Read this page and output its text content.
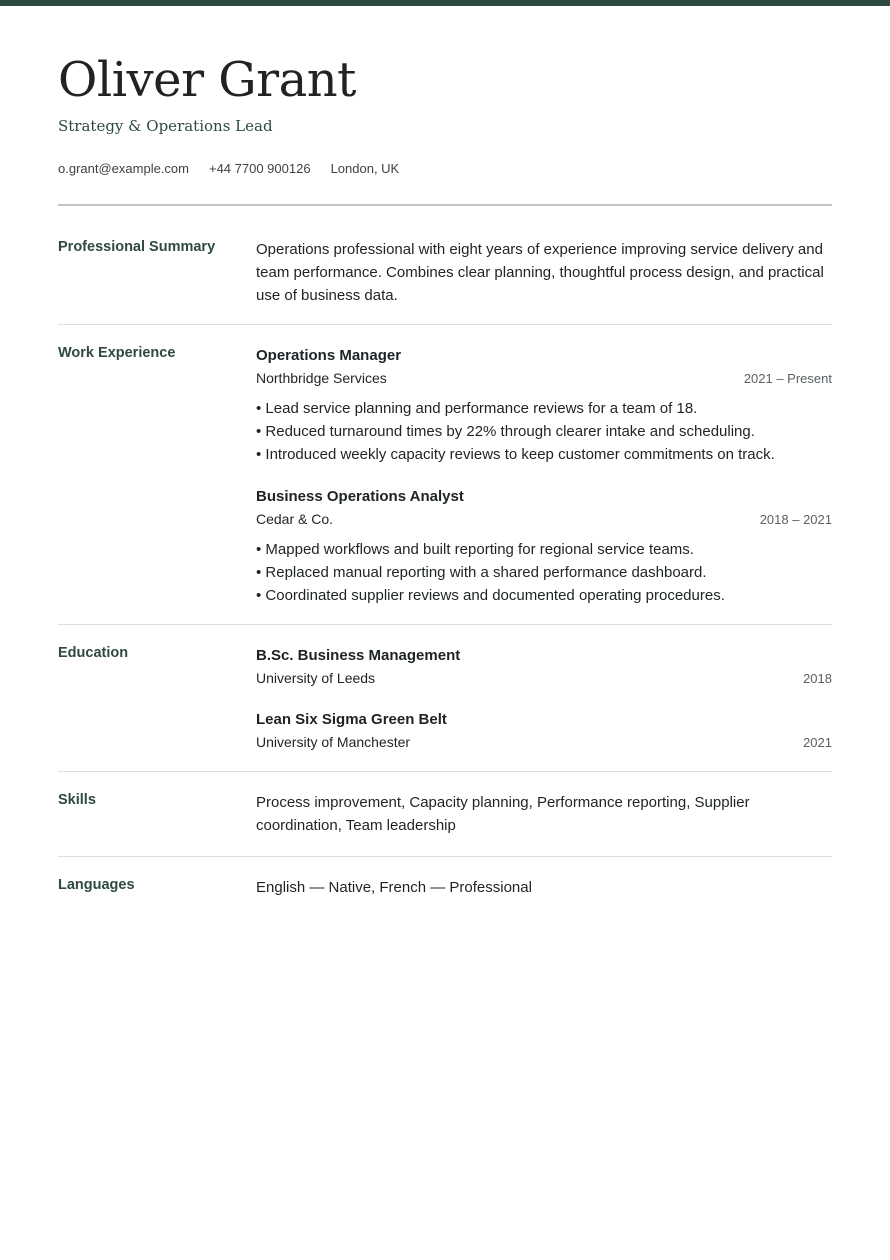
Oliver Grant
Strategy & Operations Lead
o.grant@example.com +44 7700 900126 London, UK
Professional Summary	Operations professional with eight years of experience improving service delivery and team performance. Combines clear planning, thoughtful process design, and practical use of business data.
Work Experience	Operations Manager
Northbridge Services	2021 – Present
• Lead service planning and performance reviews for a team of 18.
• Reduced turnaround times by 22% through clearer intake and scheduling.
• Introduced weekly capacity reviews to keep customer commitments on track.
Business Operations Analyst
Cedar & Co.	2018 – 2021
• Mapped workflows and built reporting for regional service teams.
• Replaced manual reporting with a shared performance dashboard.
• Coordinated supplier reviews and documented operating procedures.
Education	B.Sc. Business Management
University of Leeds	2018
Lean Six Sigma Green Belt
University of Manchester	2021
Skills	Process improvement, Capacity planning, Performance reporting, Supplier coordination, Team leadership
Languages	English — Native, French — Professional
